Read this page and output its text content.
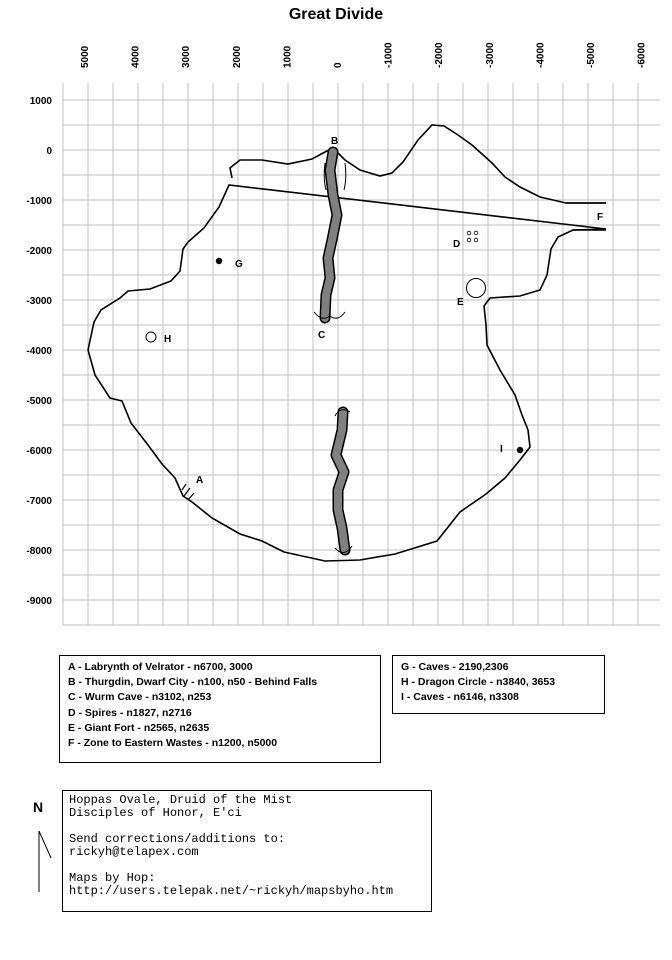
Great Divide
5000	4000	3000	2000	1000	0	-1000	-2000	-3000	-4000	-5000	-6000
1000
0
-1000
-2000
-3000
-4000
-5000
-6000
-7000
-8000
-9000
A
B
C
D
E
F
G
H
I
A - Labrynth of Velrator - n6700, 3000
B - Thurgdin, Dwarf City - n100, n50 - Behind Falls
C - Wurm Cave - n3102, n253
D - Spires - n1827, n2716
E - Giant Fort - n2565, n2635
F - Zone to Eastern Wastes - n1200, n5000
G - Caves - 2190,2306
H - Dragon Circle - n3840, 3653
I - Caves - n6146, n3308
N Hoppas Ovale, Druid of the Mist
Disciples of Honor, E'ci
Send corrections/additions to:
rickyh@telapex.com
Maps by Hop:
http://users.telepak.net/~rickyh/mapsbyho.htm
